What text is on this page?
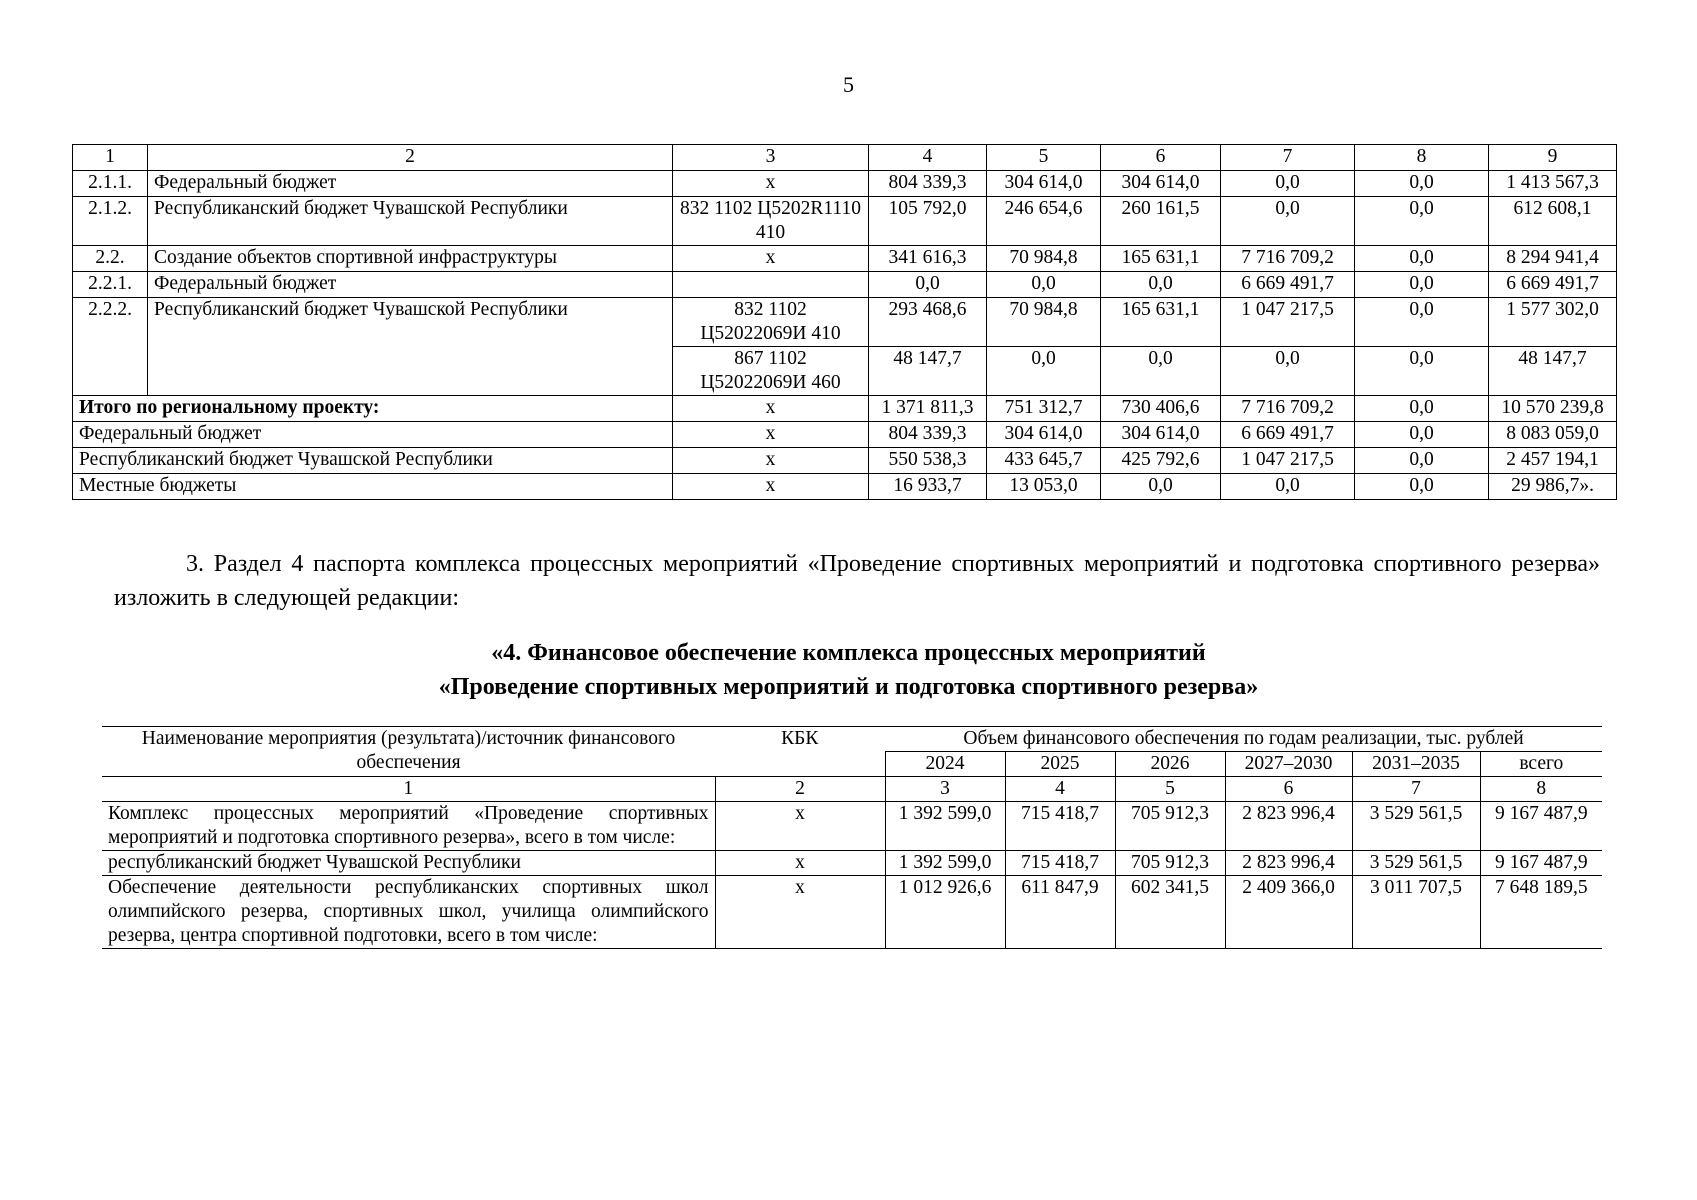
5
1	2	3	4	5	6	7	8	9
2.1.1.	Федеральный бюджет	х	804 339,3	304 614,0	304 614,0	0,0	0,0	1 413 567,3
2.1.2.	Республиканский бюджет Чувашской Республики	832 1102 Ц5202R1110 410	105 792,0	246 654,6	260 161,5	0,0	0,0	612 608,1
2.2.	Создание объектов спортивной инфраструктуры	х	341 616,3	70 984,8	165 631,1	7 716 709,2	0,0	8 294 941,4
2.2.1.	Федеральный бюджет		0,0	0,0	0,0	6 669 491,7	0,0	6 669 491,7
2.2.2.	Республиканский бюджет Чувашской Республики	832 1102 Ц52022069И 410	293 468,6	70 984,8	165 631,1	1 047 217,5	0,0	1 577 302,0
		867 1102 Ц52022069И 460	48 147,7	0,0	0,0	0,0	0,0	48 147,7
Итого по региональному проекту:		х	1 371 811,3	751 312,7	730 406,6	7 716 709,2	0,0	10 570 239,8
Федеральный бюджет		х	804 339,3	304 614,0	304 614,0	6 669 491,7	0,0	8 083 059,0
Республиканский бюджет Чувашской Республики		х	550 538,3	433 645,7	425 792,6	1 047 217,5	0,0	2 457 194,1
Местные бюджеты		х	16 933,7	13 053,0	0,0	0,0	0,0	29 986,7».
3. Раздел 4 паспорта комплекса процессных мероприятий «Проведение спортивных мероприятий и подготовка спортивного резерва» изложить в следующей редакции:
«4. Финансовое обеспечение комплекса процессных мероприятий
«Проведение спортивных мероприятий и подготовка спортивного резерва»
Наименование мероприятия (результата)/источник финансового обеспечения	КБК	Объем финансового обеспечения по годам реализации, тыс. рублей					
		2024	2025	2026	2027–2030	2031–2035	всего
1	2	3	4	5	6	7	8
Комплекс процессных мероприятий «Проведение спортивных мероприятий и подготовка спортивного резерва», всего в том числе:	х	1 392 599,0	715 418,7	705 912,3	2 823 996,4	3 529 561,5	9 167 487,9
республиканский бюджет Чувашской Республики	х	1 392 599,0	715 418,7	705 912,3	2 823 996,4	3 529 561,5	9 167 487,9
Обеспечение деятельности республиканских спортивных школ олимпийского резерва, спортивных школ, училища олимпийского резерва, центра спортивной подготовки, всего в том числе:	х	1 012 926,6	611 847,9	602 341,5	2 409 366,0	3 011 707,5	7 648 189,5
